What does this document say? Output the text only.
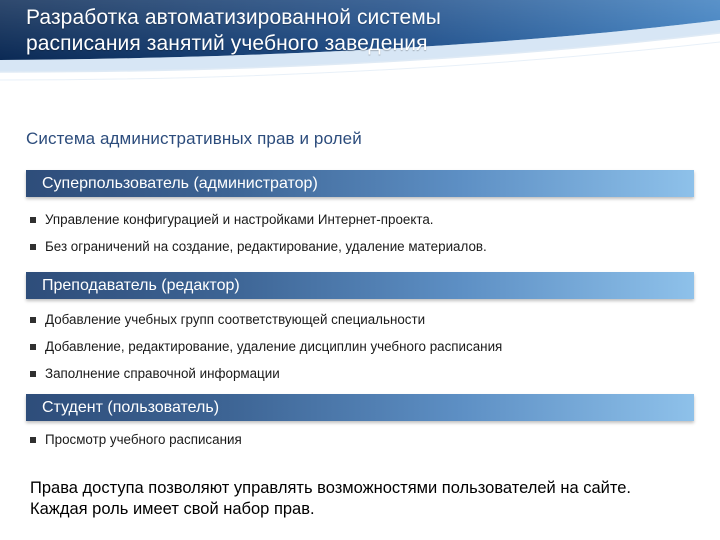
Разработка автоматизированной системы
расписания занятий учебного заведения
Система административных прав и ролей
Суперпользователь (администратор)
Управление конфигурацией и настройками Интернет-проекта.
Без ограничений на создание, редактирование, удаление материалов.
Преподаватель (редактор)
Добавление учебных групп соответствующей специальности
Добавление, редактирование, удаление дисциплин учебного расписания
Заполнение справочной информации
Студент (пользователь)
Просмотр учебного расписания

Права доступа позволяют управлять возможностями пользователей на сайте. Каждая роль имеет свой набор прав.
